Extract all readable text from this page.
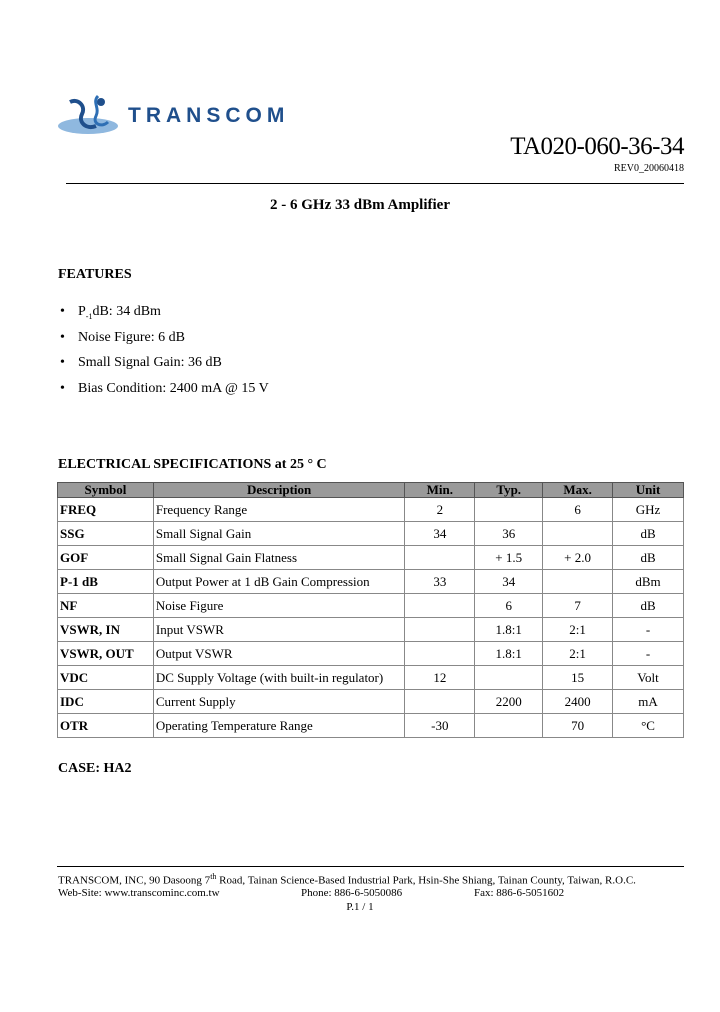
TRANSCOM
TA020-060-36-34
REV0_20060418
2 - 6 GHz 33 dBm Amplifier
FEATURES
• $P_{-1}dB$: 34 dBm
• Noise Figure: 6 dB
• Small Signal Gain: 36 dB
• Bias Condition: 2400 mA @ 15 V
ELECTRICAL SPECIFICATIONS at 25 ° C
Symbol	Description	Min.	Typ.	Max.	Unit
FREQ	Frequency Range	2		6	GHz
SSG	Small Signal Gain	34	36		dB
GOF	Small Signal Gain Flatness		+ 1.5	+ 2.0	dB
P-1 dB	Output Power at 1 dB Gain Compression	33	34		dBm
NF	Noise Figure		6	7	dB
VSWR, IN	Input VSWR		1.8:1	2:1	-
VSWR, OUT	Output VSWR		1.8:1	2:1	-
VDC	DC Supply Voltage (with built-in regulator)	12		15	Volt
IDC	Current Supply		2200	2400	mA
OTR	Operating Temperature Range	-30		70	°C
CASE: HA2
TRANSCOM, INC, 90 Dasoong 7th Road, Tainan Science-Based Industrial Park, Hsin-She Shiang, Tainan County, Taiwan, R.O.C.
Web-Site: www.transcominc.com.tw	Phone: 886-6-5050086	Fax: 886-6-5051602
P.1 / 1
